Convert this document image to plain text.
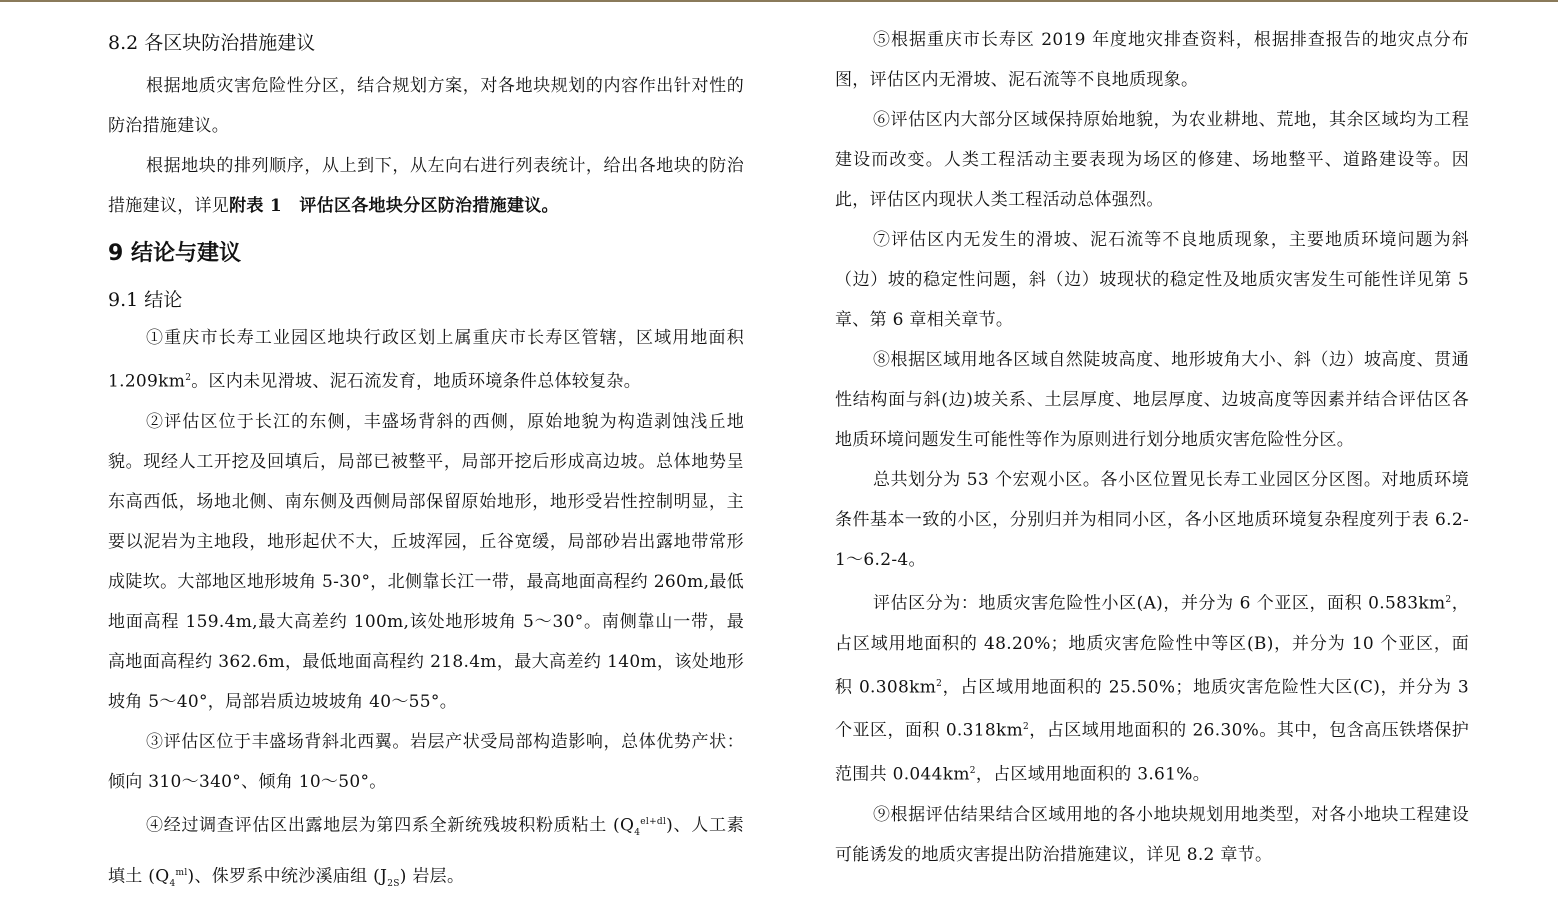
8.2 各区块防治措施建议

根据地质灾害危险性分区，结合规划方案，对各地块规划的内容作出针对性的防治措施建议。

根据地块的排列顺序，从上到下，从左向右进行列表统计，给出各地块的防治措施建议，详见附表 1　评估区各地块分区防治措施建议。

9 结论与建议

9.1 结论

①重庆市长寿工业园区地块行政区划上属重庆市长寿区管辖，区域用地面积 $1.209km^2$。区内未见滑坡、泥石流发育，地质环境条件总体较复杂。

②评估区位于长江的东侧，丰盛场背斜的西侧，原始地貌为构造剥蚀浅丘地貌。现经人工开挖及回填后，局部已被整平，局部开挖后形成高边坡。总体地势呈东高西低，场地北侧、南东侧及西侧局部保留原始地形，地形受岩性控制明显，主要以泥岩为主地段，地形起伏不大，丘坡浑园，丘谷宽缓，局部砂岩出露地带常形成陡坎。大部地区地形坡角 5-30°，北侧靠长江一带，最高地面高程约 260m,最低地面高程 159.4m,最大高差约 100m,该处地形坡角 5～30°。南侧靠山一带，最高地面高程约 362.6m，最低地面高程约 218.4m，最大高差约 140m，该处地形坡角 5～40°，局部岩质边坡坡角 40～55°。

③评估区位于丰盛场背斜北西翼。岩层产状受局部构造影响，总体优势产状：倾向 310～340°、倾角 10～50°。

④经过调查评估区出露地层为第四系全新统残坡积粉质粘土 $(Q_4^{el+dl})$、人工素填土 $(Q_4^{ml})$、侏罗系中统沙溪庙组 $(J_{2S})$ 岩层。

⑤根据重庆市长寿区 2019 年度地灾排查资料，根据排查报告的地灾点分布图，评估区内无滑坡、泥石流等不良地质现象。

⑥评估区内大部分区域保持原始地貌，为农业耕地、荒地，其余区域均为工程建设而改变。人类工程活动主要表现为场区的修建、场地整平、道路建设等。因此，评估区内现状人类工程活动总体强烈。

⑦评估区内无发生的滑坡、泥石流等不良地质现象，主要地质环境问题为斜（边）坡的稳定性问题，斜（边）坡现状的稳定性及地质灾害发生可能性详见第 5 章、第 6 章相关章节。

⑧根据区域用地各区域自然陡坡高度、地形坡角大小、斜（边）坡高度、贯通性结构面与斜(边)坡关系、土层厚度、地层厚度、边坡高度等因素并结合评估区各地质环境问题发生可能性等作为原则进行划分地质灾害危险性分区。

总共划分为 53 个宏观小区。各小区位置见长寿工业园区分区图。对地质环境条件基本一致的小区，分别归并为相同小区，各小区地质环境复杂程度列于表 6.2-1～6.2-4。

评估区分为：地质灾害危险性小区(A)，并分为 6 个亚区，面积 $0.583km^2$，占区域用地面积的 48.20%；地质灾害危险性中等区(B)，并分为 10 个亚区，面积 $0.308km^2$，占区域用地面积的 25.50%；地质灾害危险性大区(C)，并分为 3 个亚区，面积 $0.318km^2$，占区域用地面积的 26.30%。其中，包含高压铁塔保护范围共 $0.044km^2$，占区域用地面积的 3.61%。

⑨根据评估结果结合区域用地的各小地块规划用地类型，对各小地块工程建设可能诱发的地质灾害提出防治措施建议，详见 8.2 章节。
